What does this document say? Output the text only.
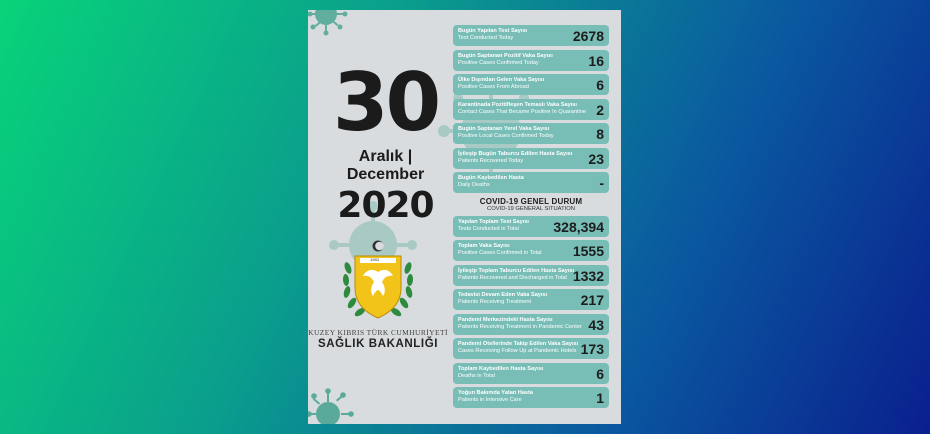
30
Aralık | December
2020
1983
KUZEY KIBRIS TÜRK CUMHURİYETİ
SAĞLIK BAKANLIĞI
Bugün Yapılan Test Sayısı
Test Conducted Today	2678
Bugün Saptanan Pozitif Vaka Sayısı
Positive Cases Confirmed Today	16
Ülke Dışından Gelen Vaka Sayısı
Positive Cases From Abroad	6
Karantinada Pozitifleşen Temaslı Vaka Sayısı
Contact Cases That Became Positive In Quarantine 2
Bugün Saptanan Yerel Vaka Sayısı
Positive Local Cases Confirmed Today	8
İyileşip Bugün Taburcu Edilen Hasta Sayısı
Patients Recovered Today	23
Bugün Kaybedilen Hasta
Daily Deaths	-
COVID-19 GENEL DURUM
COVID-19 GENERAL SITUATION
Yapılan Toplam Test Sayısı
Tests Conducted in Total	328,394
Toplam Vaka Sayısı
Positive Cases Confirmed in Total	1555
İyileşip Toplam Taburcu Edilen Hasta Sayısı
Patients Recovered and Discharged in Total 1332
Tedavisi Devam Eden Vaka Sayısı
Patients Receiving Treatment	217
Pandemi Merkezindeki Hasta Sayısı
Patients Receiving Treatment in Pandemic Center 43
Pandemi Otellerinde Takip Edilen Vaka Sayısı
Cases Receiving Follow Up at Pandemic Hotels 173
Toplam Kaybedilen Hasta Sayısı
Deaths in Total	6
Yoğun Bakımda Yatan Hasta
Patients in Intensive Care	1
